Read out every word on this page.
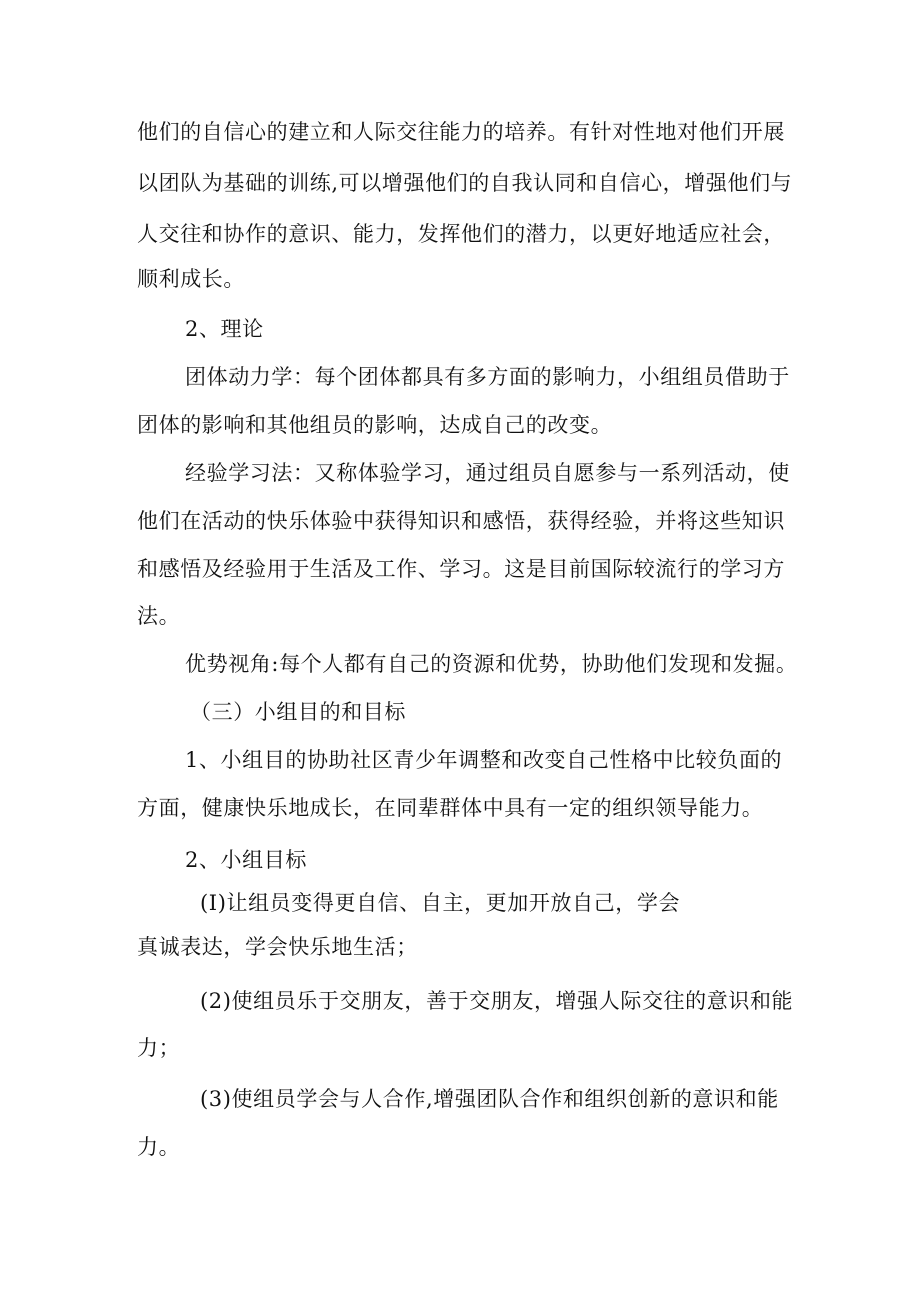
他们的自信心的建立和人际交往能力的培养。有针对性地对他们开展
以团队为基础的训练,可以增强他们的自我认同和自信心，增强他们与
人交往和协作的意识、能力，发挥他们的潜力，以更好地适应社会，
顺利成长。
2、理论
团体动力学：每个团体都具有多方面的影响力，小组组员借助于
团体的影响和其他组员的影响，达成自己的改变。
经验学习法：又称体验学习，通过组员自愿参与一系列活动，使
他们在活动的快乐体验中获得知识和感悟，获得经验，并将这些知识
和感悟及经验用于生活及工作、学习。这是目前国际较流行的学习方
法。
优势视角:每个人都有自己的资源和优势，协助他们发现和发掘。
（三）小组目的和目标
1、小组目的协助社区青少年调整和改变自己性格中比较负面的
方面，健康快乐地成长，在同辈群体中具有一定的组织领导能力。
2、小组目标
(I)让组员变得更自信、自主，更加开放自己，学会
真诚表达，学会快乐地生活；
(2)使组员乐于交朋友，善于交朋友，增强人际交往的意识和能
力；
(3)使组员学会与人合作,增强团队合作和组织创新的意识和能
力。
